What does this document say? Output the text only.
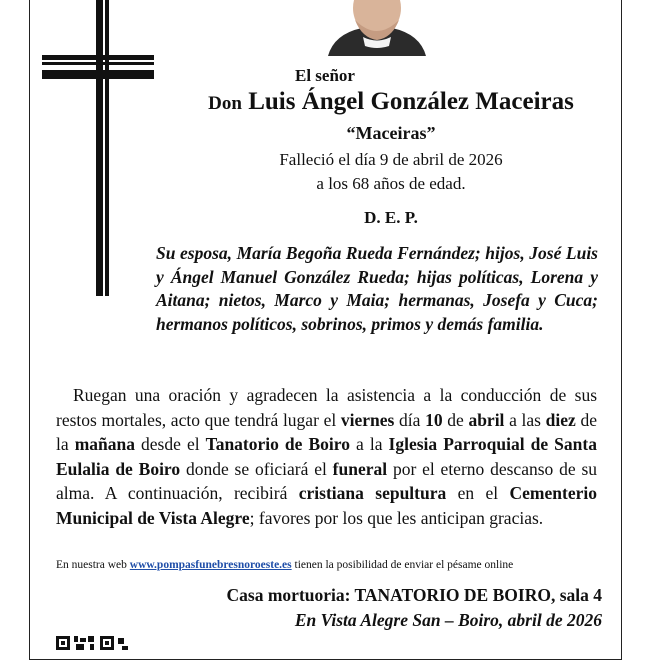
El señor
Don Luis Ángel González Maceiras
“Maceiras”
Falleció el día 9 de abril de 2026
a los 68 años de edad.
D. E. P.
Su esposa, María Begoña Rueda Fernández; hijos, José Luis y Ángel Manuel González Rueda; hijas políticas, Lorena y Aitana; nietos, Marco y Maia; hermanas, Josefa y Cuca; hermanos políticos, sobrinos, primos y demás familia.
Ruegan una oración y agradecen la asistencia a la conducción de sus restos mortales, acto que tendrá lugar el viernes día 10 de abril a las diez de la mañana desde el Tanatorio de Boiro a la Iglesia Parroquial de Santa Eulalia de Boiro donde se oficiará el funeral por el eterno descanso de su alma. A continuación, recibirá cristiana sepultura en el Cementerio Municipal de Vista Alegre; favores por los que les anticipan gracias.
En nuestra web www.pompasfunebresnoroeste.es tienen la posibilidad de enviar el pésame online
Casa mortuoria: TANATORIO DE BOIRO, sala 4
En Vista Alegre San – Boiro, abril de 2026
